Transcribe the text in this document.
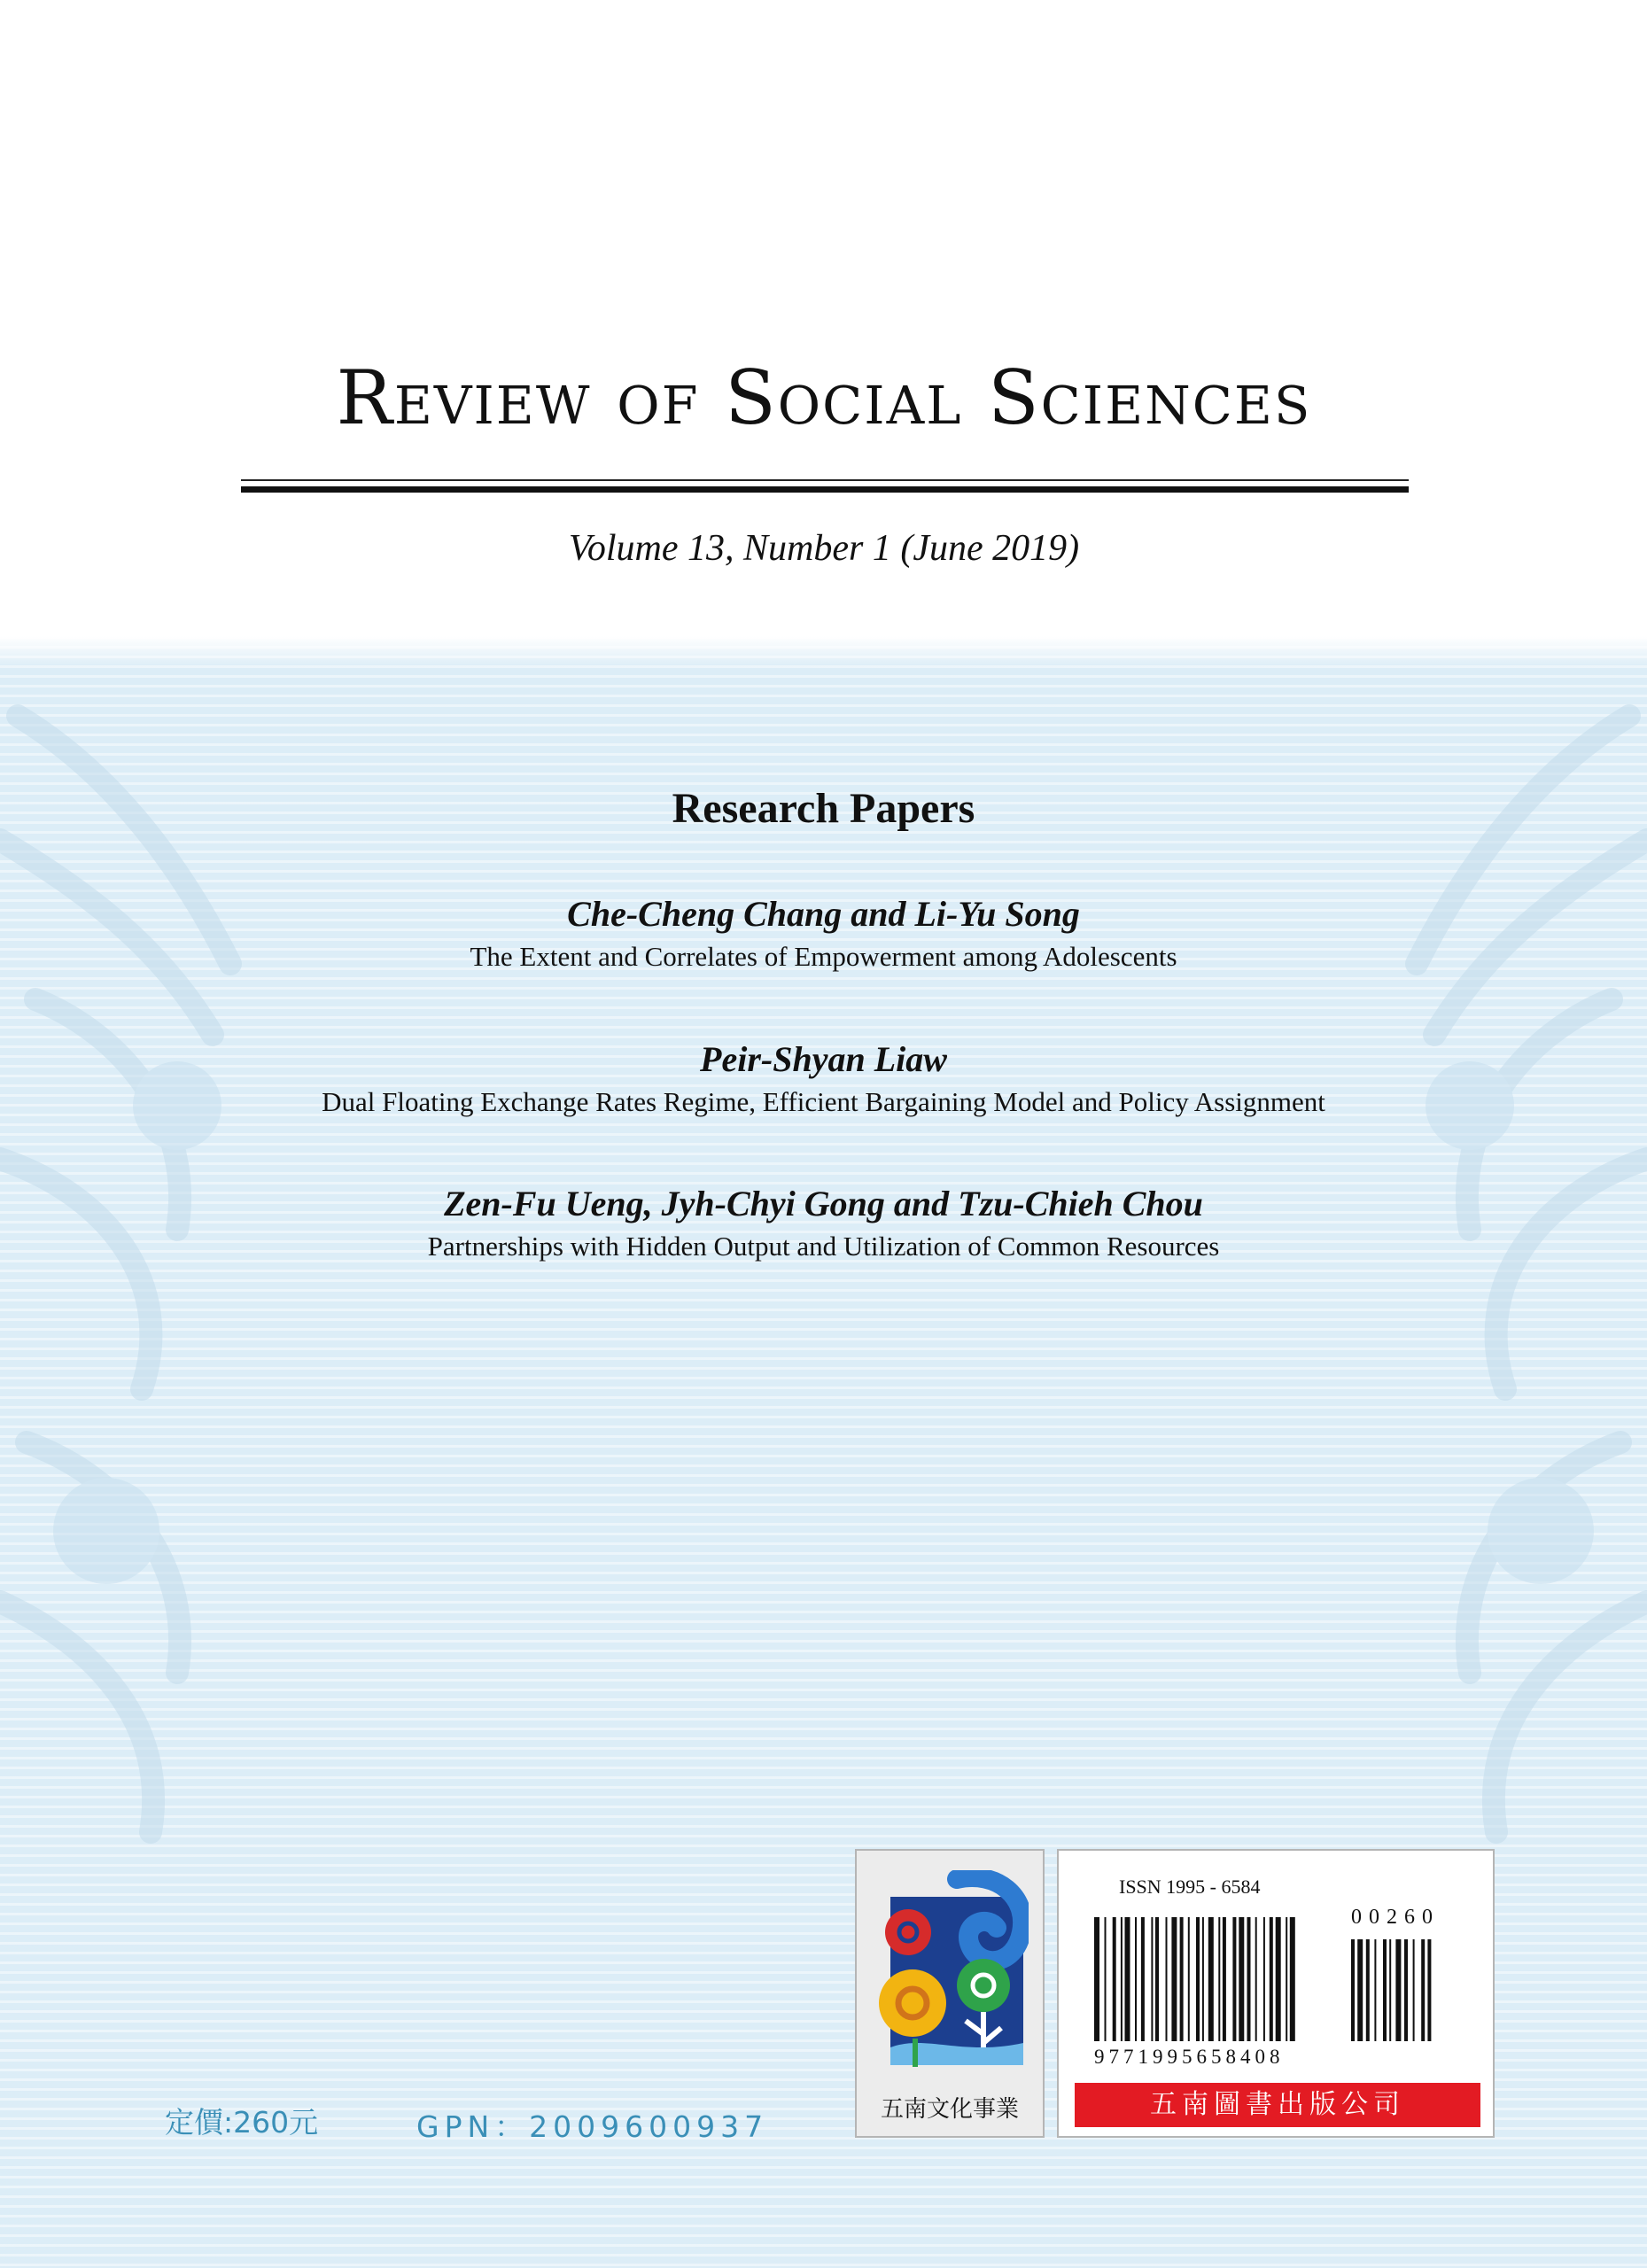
Review of Social Sciences
Volume 13, Number 1 (June 2019)
Research Papers
Che-Cheng Chang and Li-Yu Song
The Extent and Correlates of Empowerment among Adolescents
Peir-Shyan Liaw
Dual Floating Exchange Rates Regime, Efficient Bargaining Model and Policy Assignment
Zen-Fu Ueng, Jyh-Chyi Gong and Tzu-Chieh Chou
Partnerships with Hidden Output and Utilization of Common Resources
定價:260元	GPN：2009600937	五南文化事業
ISSN 1995 - 6584
00260
9771995658408
五南圖書出版公司
